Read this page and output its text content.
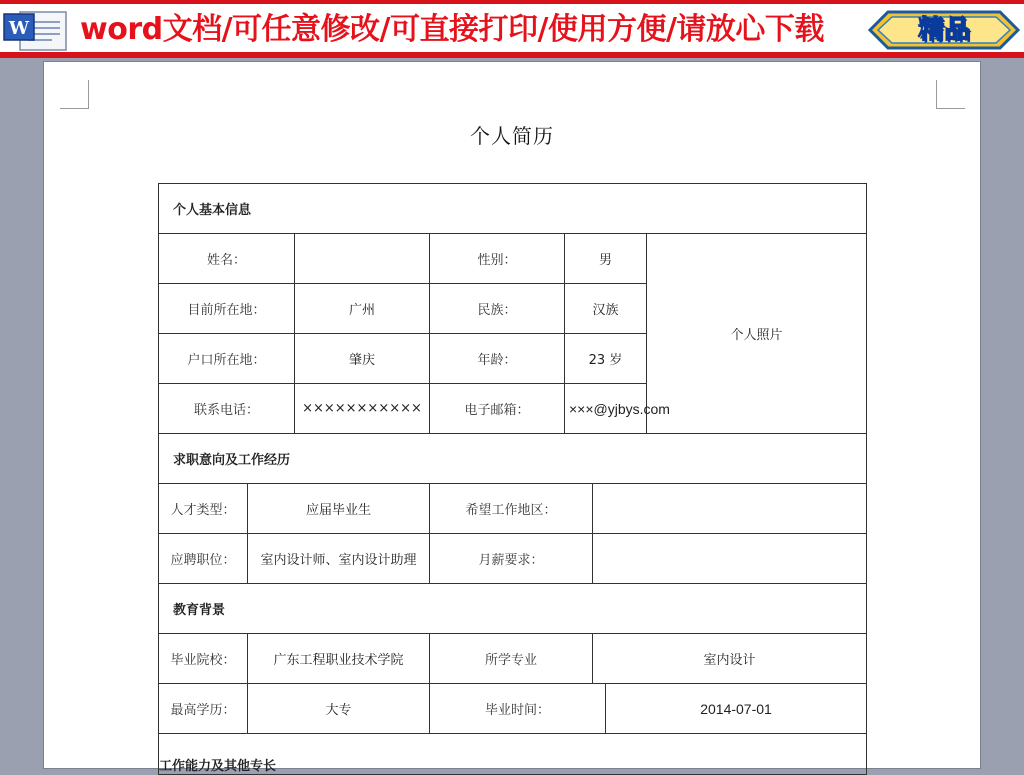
W word文档/可任意修改/可直接打印/使用方便/请放心下载	精品
个人简历
个人基本信息							
姓名：			性别：	男			个人照片
目前所在地：		广州	民族：	汉族			
户口所在地：		肇庆	年龄：	23 岁			
联系电话：		×××××××××××	电子邮箱：	×××@yjbys.com			
求职意向及工作经历							
人才类型：	应届毕业生		希望工作地区：				
应聘职位：	室内设计师、室内设计助理		月薪要求：				
教育背景							
毕业院校：	广东工程职业技术学院		所学专业		室内设计		
最高学历：	大专		毕业时间：			2014-07-01	
工作能力及其他专长							
